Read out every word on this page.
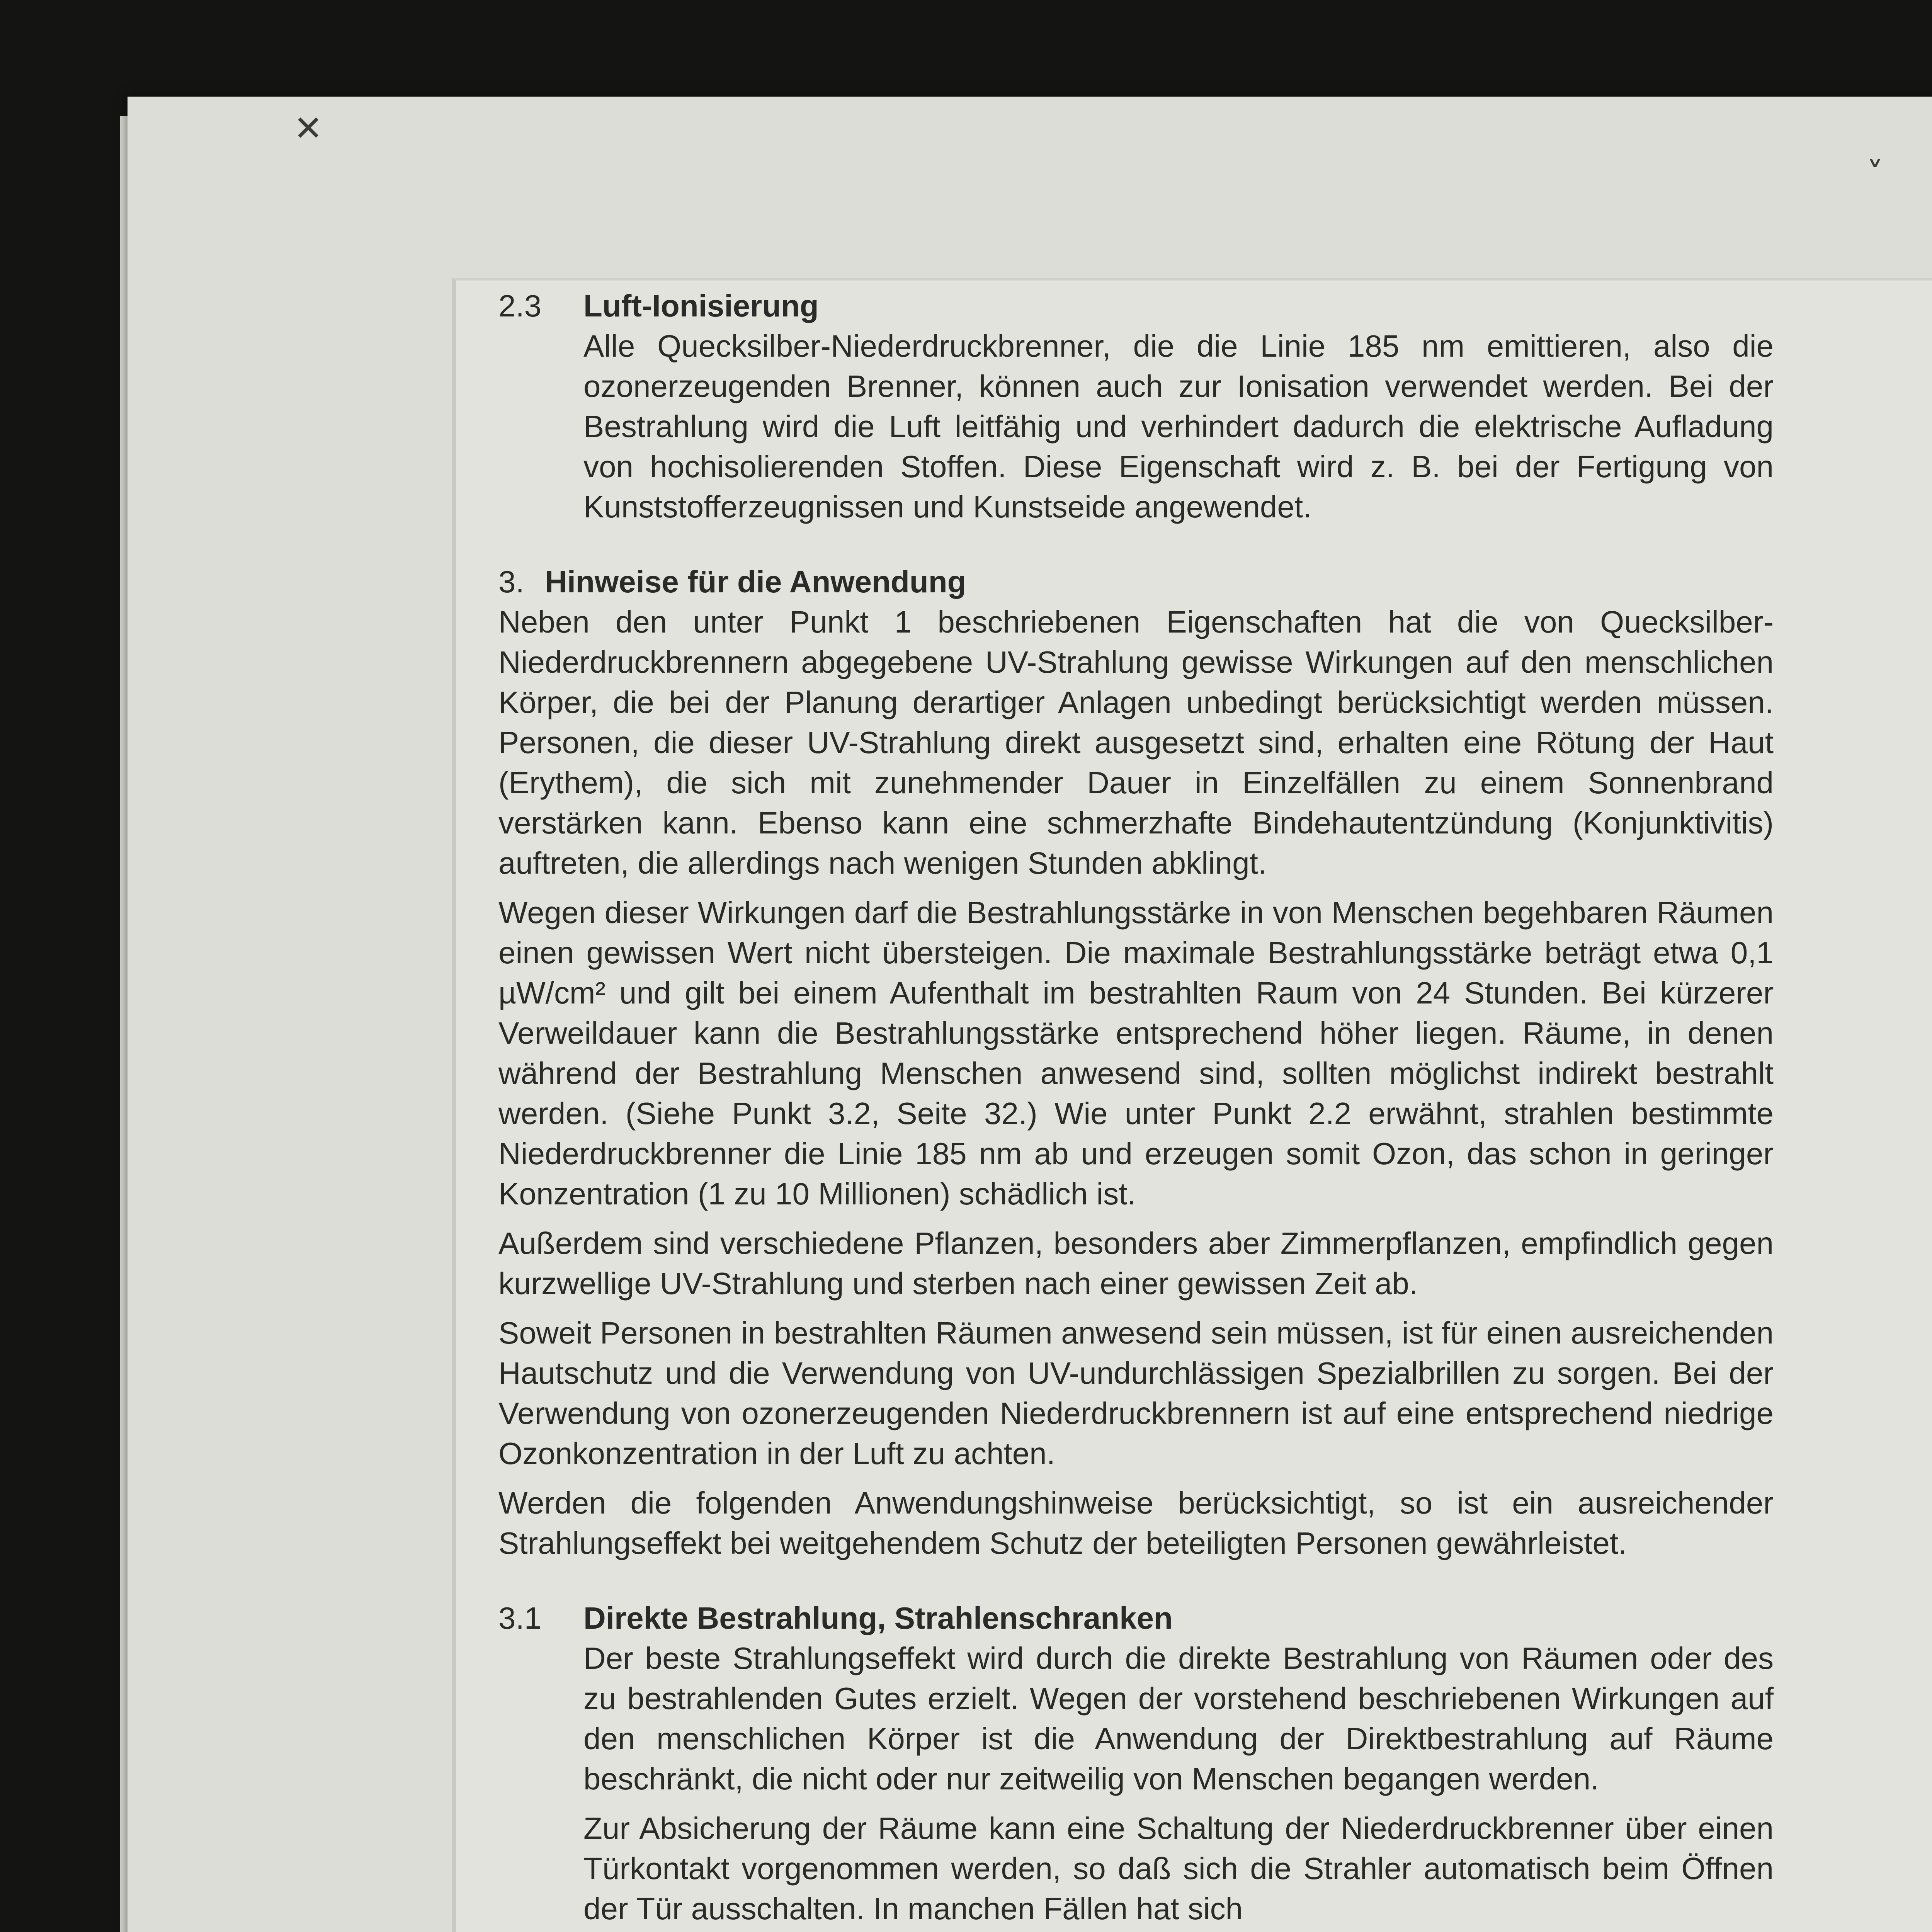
✕
˅
2.3	Luft-Ionisierung

Alle Quecksilber-Niederdruckbrenner, die die Linie 185 nm emittieren, also die ozonerzeugenden Brenner, können auch zur Ionisation verwendet werden. Bei der Bestrahlung wird die Luft leitfähig und verhindert dadurch die elektrische Aufladung von hochisolierenden Stoffen. Diese Eigenschaft wird z. B. bei der Fertigung von Kunststofferzeugnissen und Kunstseide angewendet.

3. Hinweise für die Anwendung

Neben den unter Punkt 1 beschriebenen Eigenschaften hat die von Quecksilber-Niederdruckbrennern abgegebene UV-Strahlung gewisse Wirkungen auf den menschlichen Körper, die bei der Planung derartiger Anlagen unbedingt berücksichtigt werden müssen. Personen, die dieser UV-Strahlung direkt ausgesetzt sind, erhalten eine Rötung der Haut (Erythem), die sich mit zunehmender Dauer in Einzelfällen zu einem Sonnenbrand verstärken kann. Ebenso kann eine schmerzhafte Bindehautentzündung (Konjunktivitis) auftreten, die allerdings nach wenigen Stunden abklingt.

Wegen dieser Wirkungen darf die Bestrahlungsstärke in von Menschen begehbaren Räumen einen gewissen Wert nicht übersteigen. Die maximale Bestrahlungsstärke beträgt etwa 0,1 µW/cm² und gilt bei einem Aufenthalt im bestrahlten Raum von 24 Stunden. Bei kürzerer Verweildauer kann die Bestrahlungsstärke entsprechend höher liegen. Räume, in denen während der Bestrahlung Menschen anwesend sind, sollten möglichst indirekt bestrahlt werden. (Siehe Punkt 3.2, Seite 32.) Wie unter Punkt 2.2 erwähnt, strahlen bestimmte Niederdruckbrenner die Linie 185 nm ab und erzeugen somit Ozon, das schon in geringer Konzentration (1 zu 10 Millionen) schädlich ist.

Außerdem sind verschiedene Pflanzen, besonders aber Zimmerpflanzen, empfindlich gegen kurzwellige UV-Strahlung und sterben nach einer gewissen Zeit ab.

Soweit Personen in bestrahlten Räumen anwesend sein müssen, ist für einen ausreichenden Hautschutz und die Verwendung von UV-undurchlässigen Spezialbrillen zu sorgen. Bei der Verwendung von ozonerzeugenden Niederdruckbrennern ist auf eine entsprechend niedrige Ozonkonzentration in der Luft zu achten.

Werden die folgenden Anwendungshinweise berücksichtigt, so ist ein ausreichender Strahlungseffekt bei weitgehendem Schutz der beteiligten Personen gewährleistet.

3.1	Direkte Bestrahlung, Strahlenschranken

Der beste Strahlungseffekt wird durch die direkte Bestrahlung von Räumen oder des zu bestrahlenden Gutes erzielt. Wegen der vorstehend beschriebenen Wirkungen auf den menschlichen Körper ist die Anwendung der Direktbestrahlung auf Räume beschränkt, die nicht oder nur zeitweilig von Menschen begangen werden.

Zur Absicherung der Räume kann eine Schaltung der Niederdruckbrenner über einen Türkontakt vorgenommen werden, so daß sich die Strahler automatisch beim Öffnen der Tür ausschalten. In manchen Fällen hat sich
